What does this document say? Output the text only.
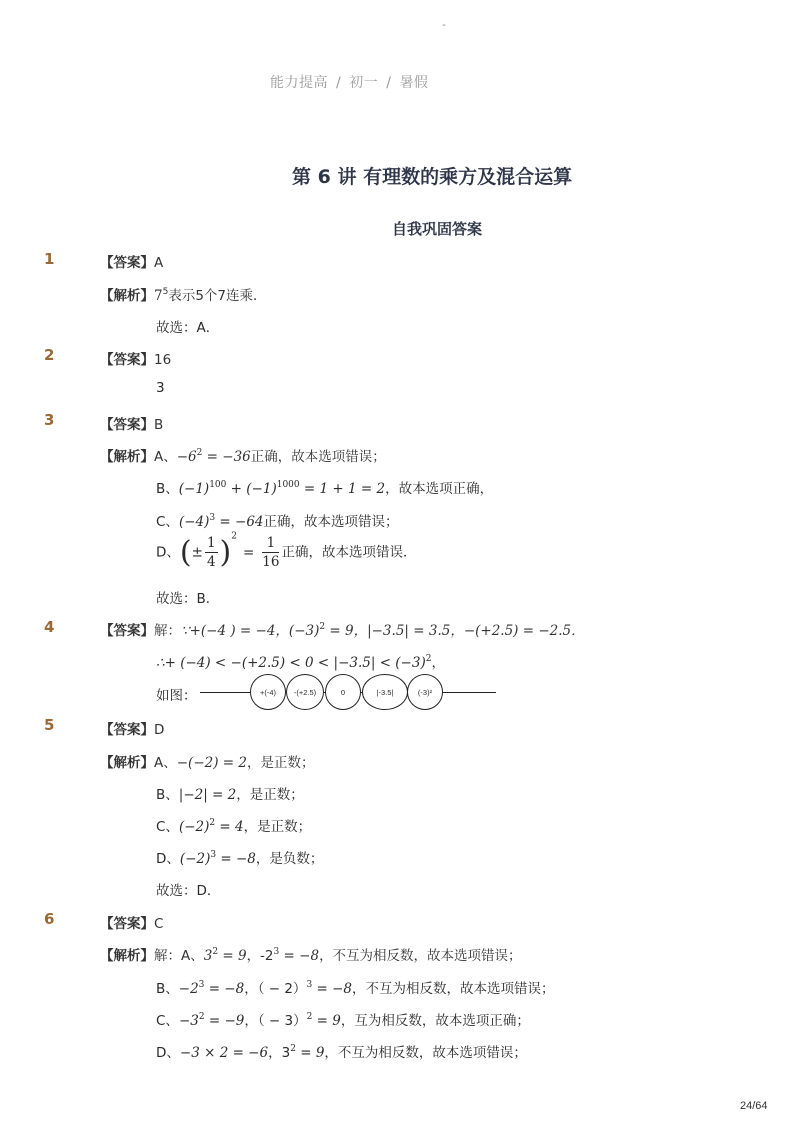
-
能力提高 / 初一 / 暑假
第 6 讲 有理数的乘方及混合运算
自我巩固答案
1	【答案】A
【解析】$7^5$表示5个7连乘．
故选：A．
2	【答案】16
3
3	【答案】B
【解析】A、$-6^2 = -36$正确，故本选项错误；
B、$(-1)^{100} + (-1)^{1000} = 1 + 1 = 2$，故本选项正确，
C、$(-4)^3 = -64$正确，故本选项错误；
D、(± $\frac{1}{4} )^2= \frac{1}{16}$ 正确，故本选项错误．
故选：B．
4	【答案】解：∵+(−4 ) = −4，$(-3)^2 = 9$，|−3.5| = 3.5，−(+2.5) = −2.5．
∴+ $(-4) < -(+2.5) < 0 < |-3.5| < (-3)^2$，
如图：	+(-4)	-(+2.5)	0	|-3.5|	(-3)²
5	【答案】D
【解析】A、−(−2) = 2，是正数；
B、|−2| = 2，是正数；
C、$(-2)^2 = 4$，是正数；
D、$(-2)^3 = -8$，是负数；
故选：D．
6	【答案】C
【解析】解：A、$3^2 = 9$，$-2^3 = -8$，不互为相反数，故本选项错误；
B、$-2^3 = -8$，（ − 2）$^3$ = −8，不互为相反数，故本选项错误；
C、$-3^2 = -9$，（ − 3）$^2$ = 9，互为相反数，故本选项正确；
D、−3 × 2 = −6，$3^2 = 9$，不互为相反数，故本选项错误；
24/64
